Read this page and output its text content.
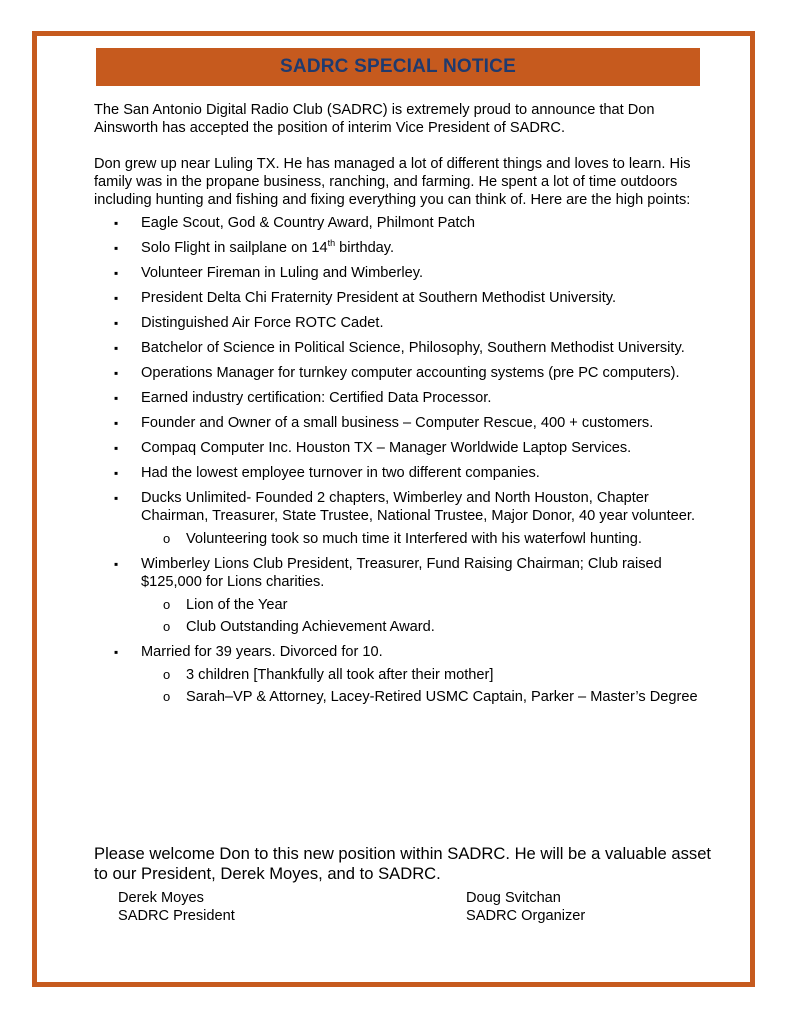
SADRC SPECIAL NOTICE

The San Antonio Digital Radio Club (SADRC) is extremely proud to announce that Don Ainsworth has accepted the position of interim Vice President of SADRC.

Don grew up near Luling TX. He has managed a lot of different things and loves to learn. His family was in the propane business, ranching, and farming. He spent a lot of time outdoors including hunting and fishing and fixing everything you can think of. Here are the high points:

▪ Eagle Scout, God & Country Award, Philmont Patch
▪ Solo Flight in sailplane on 14th birthday.
▪ Volunteer Fireman in Luling and Wimberley.
▪ President Delta Chi Fraternity President at Southern Methodist University.
▪ Distinguished Air Force ROTC Cadet.
▪ Batchelor of Science in Political Science, Philosophy, Southern Methodist University.
▪ Operations Manager for turnkey computer accounting systems (pre PC computers).
▪ Earned industry certification: Certified Data Processor.
▪ Founder and Owner of a small business – Computer Rescue, 400 + customers.
▪ Compaq Computer Inc. Houston TX – Manager Worldwide Laptop Services.
▪ Had the lowest employee turnover in two different companies.
▪ Ducks Unlimited- Founded 2 chapters, Wimberley and North Houston, Chapter Chairman, Treasurer, State Trustee, National Trustee, Major Donor, 40 year volunteer.
o Volunteering took so much time it Interfered with his waterfowl hunting.
▪ Wimberley Lions Club President, Treasurer, Fund Raising Chairman; Club raised $125,000 for Lions charities.
o Lion of the Year
o Club Outstanding Achievement Award.
▪ Married for 39 years. Divorced for 10.
o 3 children [Thankfully all took after their mother]
o Sarah–VP & Attorney, Lacey-Retired USMC Captain, Parker – Master’s Degree

Please welcome Don to this new position within SADRC. He will be a valuable asset to our President, Derek Moyes, and to SADRC.

Derek Moyes
SADRC President
Doug Svitchan
SADRC Organizer
